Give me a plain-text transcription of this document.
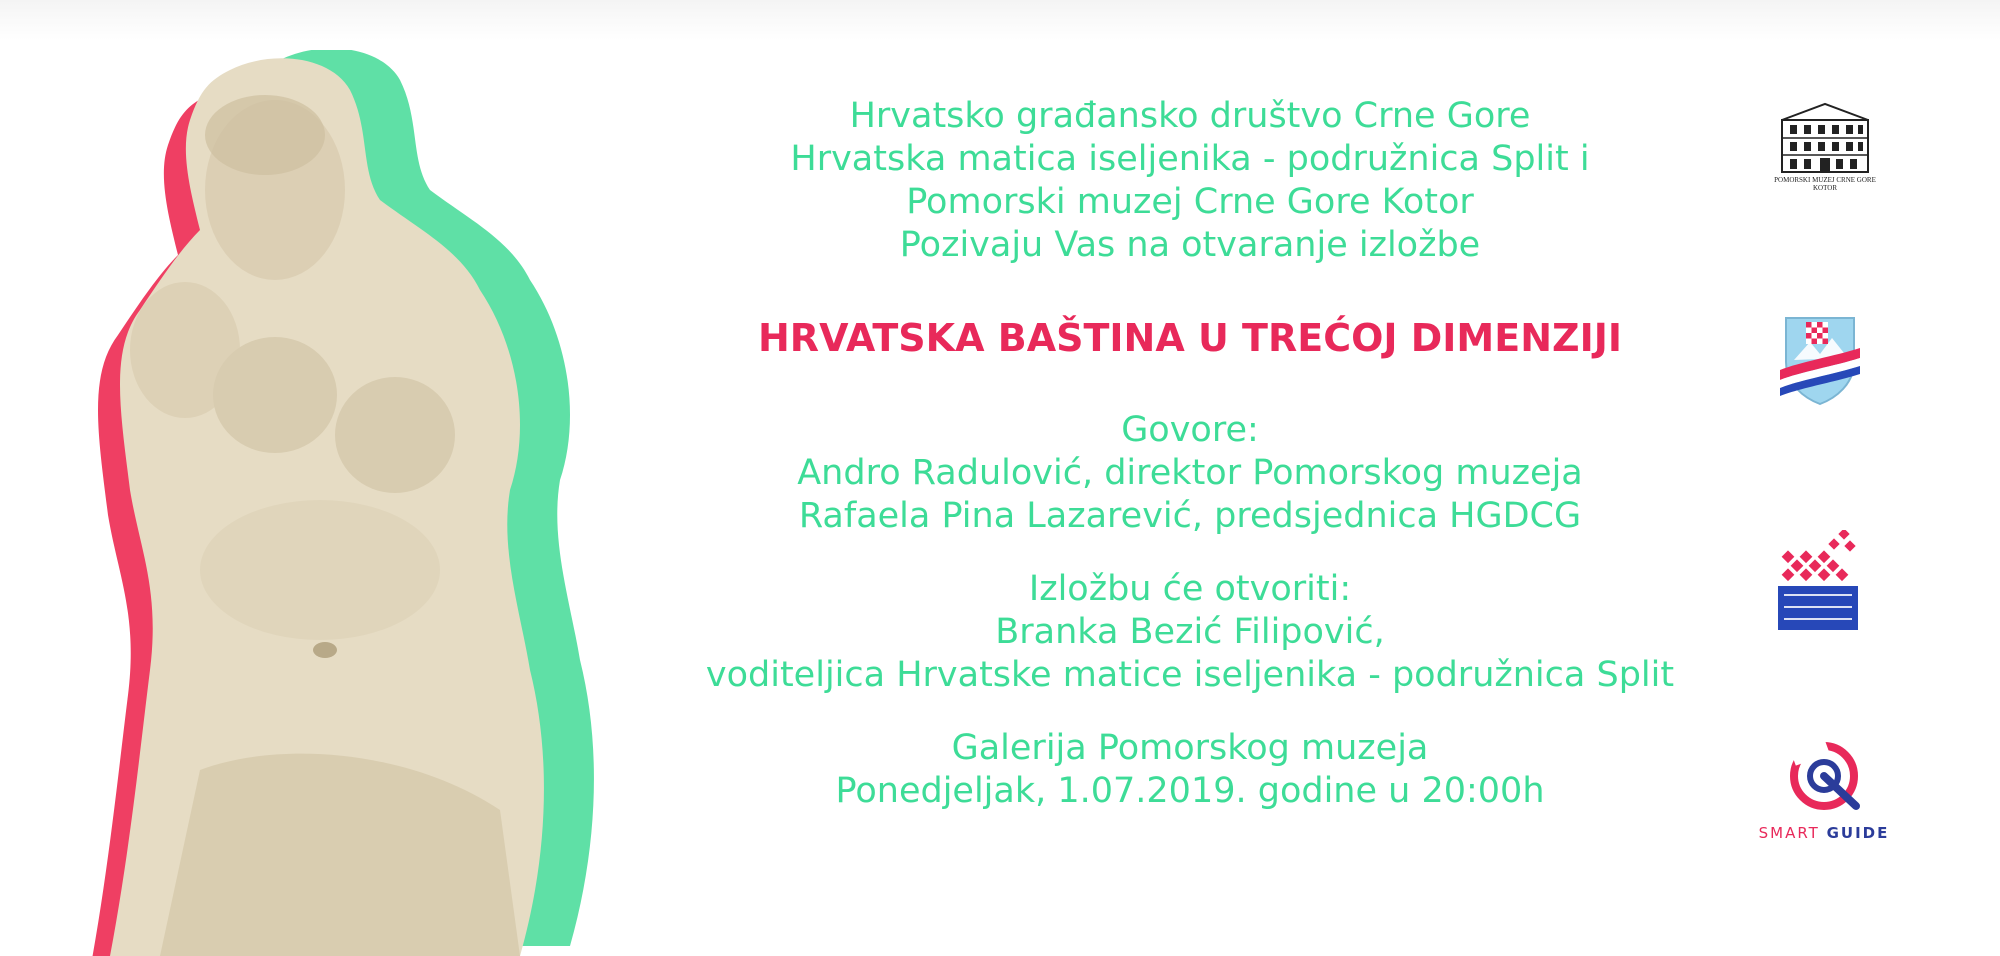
Hrvatsko građansko društvo Crne Gore
Hrvatska matica iseljenika - podružnica Split i
Pomorski muzej Crne Gore Kotor
Pozivaju Vas na otvaranje izložbe
HRVATSKA BAŠTINA U TREĆOJ DIMENZIJI
Govore:
Andro Radulović, direktor Pomorskog muzeja
Rafaela Pina Lazarević, predsjednica HGDCG
Izložbu će otvoriti:
Branka Bezić Filipović,
voditeljica Hrvatske matice iseljenika - podružnica Split
Galerija Pomorskog muzeja
Ponedjeljak, 1.07.2019. godine u 20:00h
POMORSKI MUZEJ CRNE GORE
KOTOR
SMART GUIDE
